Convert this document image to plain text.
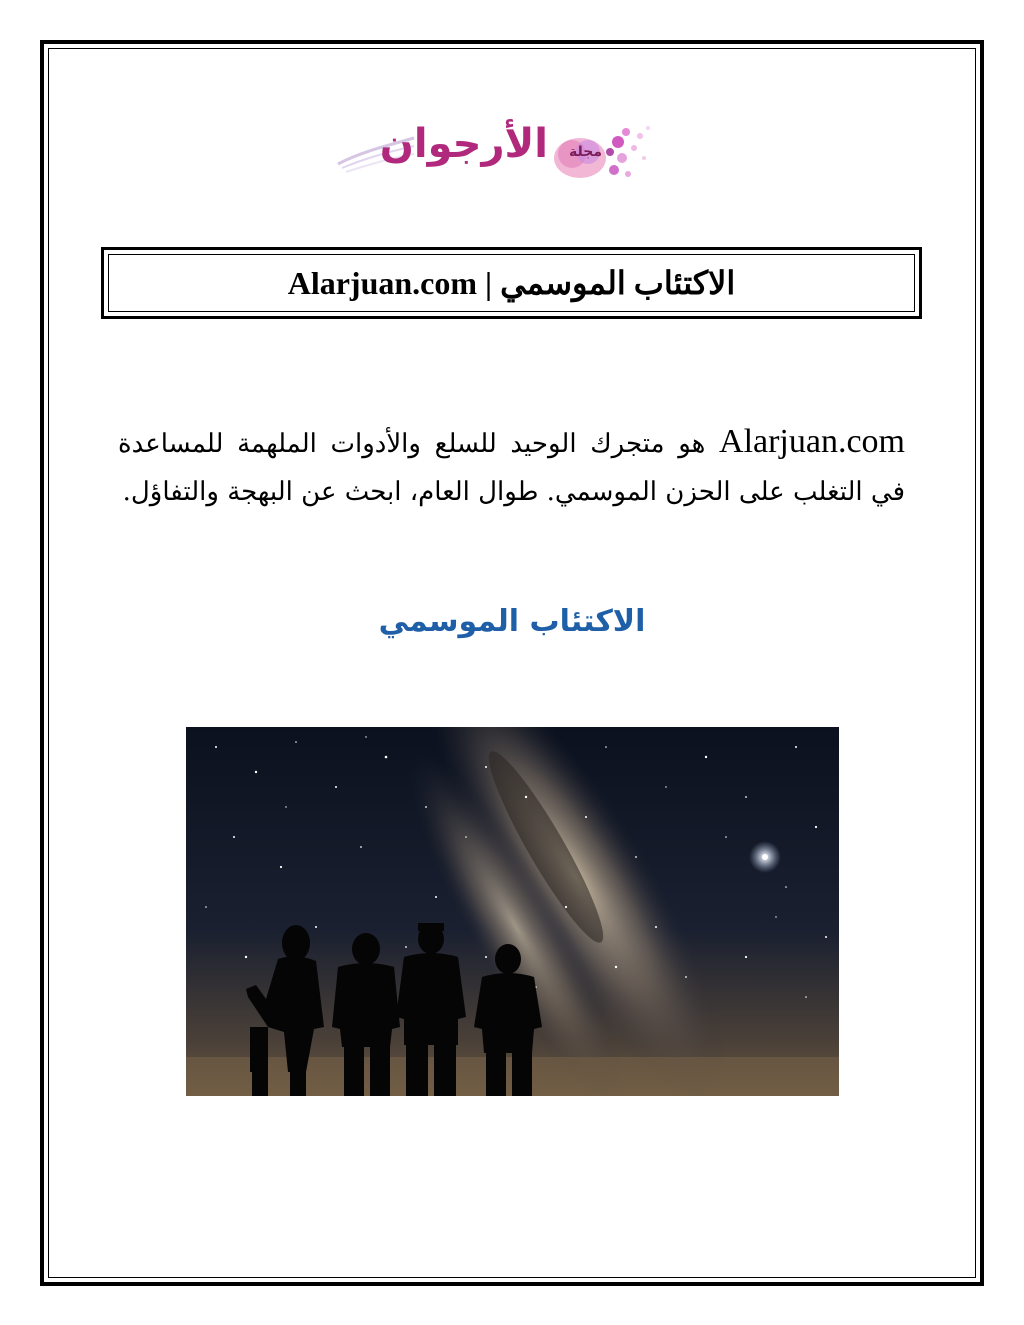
الأرجوان مجلة
Alarjuan.com | الاكتئاب الموسمي

Alarjuan.com هو متجرك الوحيد للسلع والأدوات الملهمة للمساعدة في التغلب على الحزن الموسمي. طوال العام، ابحث عن البهجة والتفاؤل.

الاكتئاب الموسمي
